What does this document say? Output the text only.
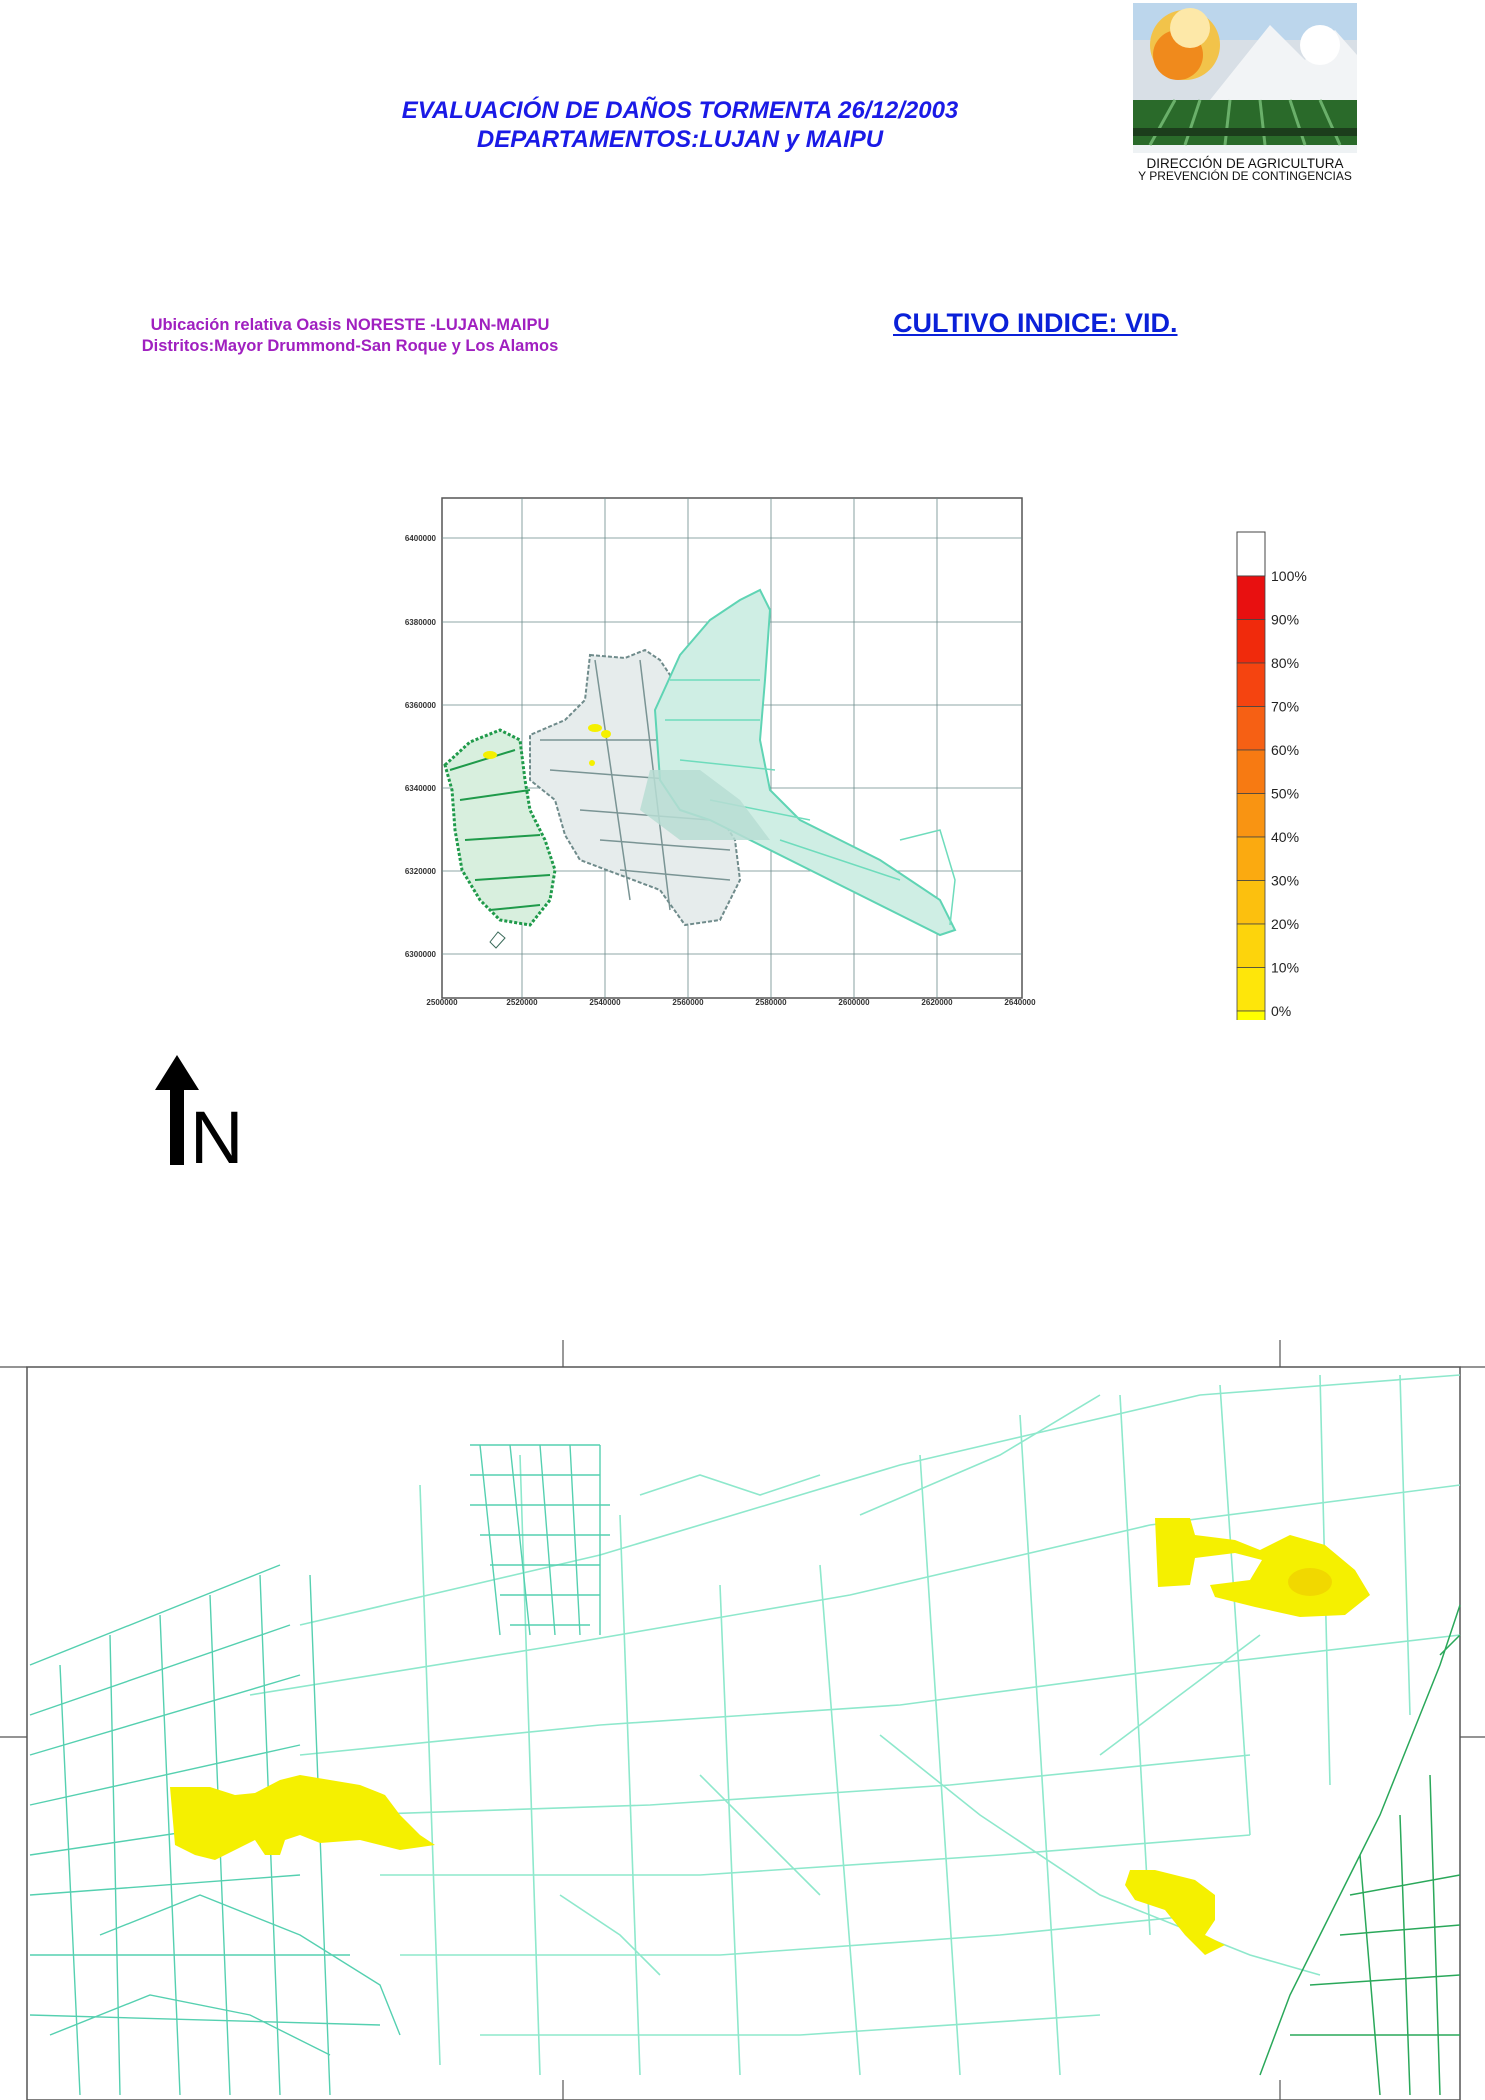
EVALUACIÓN DE DAÑOS TORMENTA 26/12/2003
DEPARTAMENTOS:LUJAN y MAIPU
DIRECCIÓN DE AGRICULTURA
Y PREVENCIÓN DE CONTINGENCIAS
Ubicación relativa Oasis NORESTE -LUJAN-MAIPU
Distritos:Mayor Drummond-San Roque y Los Alamos
CULTIVO INDICE: VID.
6400000
6380000
6360000
6340000
6320000
6300000
2500000	2520000	2540000	2560000	2580000	2600000	2620000	2640000
100%
90%
80%
70%
60%
50%
40%
30%
20%
10%
0%
N
